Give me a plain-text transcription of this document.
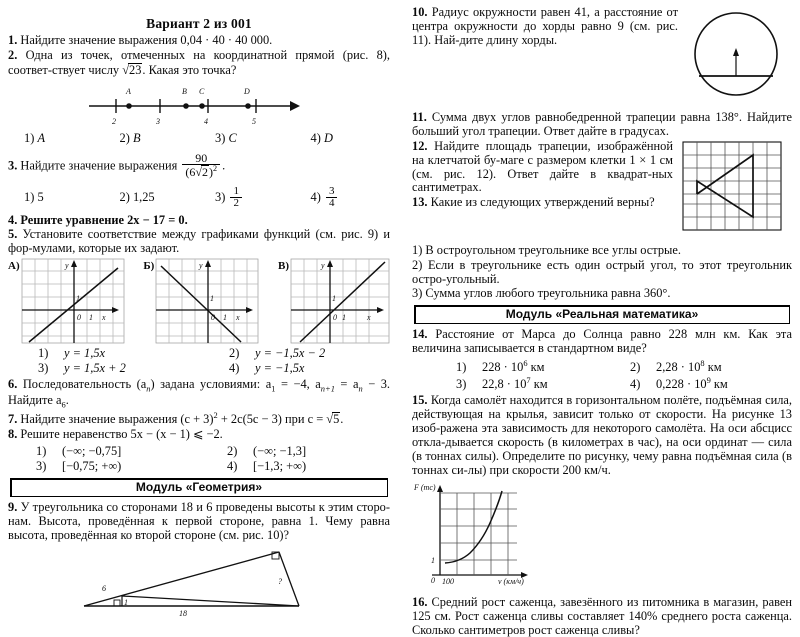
Вариант 2 из 001

1. Найдите значение выражения 0,04 · 40 · 40 000.

2. Одна из точек, отмеченных на координатной прямой (рис. 8), соответ-ствует числу √23. Какая это точка?

A	B C	D
2	3	4	5
1)
A	2)
B	3)
C	4)
D

3. Найдите значение выражения $\frac{90}{(6√2)^2}$ .

1)
5	2)
1,25	3)
$\frac{1}{2}$	4)
$\frac{3}{4}$

4. Решите уравнение 2x − 17 = 0.

5. Установите соответствие между графиками функций (см. рис. 9) и фор-мулами, которые их задают.

А)	y
0 1 x
1
Б)	y
0 1 x
1
В)	y
0 1	x
1
1) y = 1,5x	2) y = −1,5x − 2
3) y = 1,5x + 2	4) y = −1,5x

6. Последовательность $(a_n)$ задана условиями: $a_1 = -4$, $a_{n+1} = a_n - 3$. Найдите $a_6$.

7. Найдите значение выражения $(c + 3)^2 + 2c(5c - 3)$ при c = √5.

8. Решите неравенство 5x − (x − 1) ⩽ −2.

1) (−∞; −0,75]	2) (−∞; −1,3]
3) [−0,75; +∞)	4) [−1,3; +∞)
Модуль «Геометрия»

9. У треугольника со сторонами 18 и 6 проведены высоты к этим сторо-нам. Высота, проведённая к первой стороне, равна 1. Чему равна высота, проведённая ко второй стороне (см. рис. 10)?

6
18
1
?

10. Радиус окружности равен 41, а расстояние от центра окружности до хорды равно 9 (см. рис. 11). Най-дите длину хорды.

11. Сумма двух углов равнобедренной трапеции равна 138°. Найдите больший угол трапеции. Ответ дайте в градусах.

12. Найдите площадь трапеции, изображённой на клетчатой бу-маге с размером клетки 1 × 1 см (см. рис. 12). Ответ дайте в квадрат-ных сантиметрах.

13. Какие из следующих утверждений верны?

1) В остроугольном треугольнике все углы острые.

2) Если в треугольнике есть один острый угол, то этот треугольник остро-угольный.

3) Сумма углов любого треугольника равна 360°.

Модуль «Реальная математика»

14. Расстояние от Марса до Солнца равно 228 млн км. Как эта величина записывается в стандартном виде?

1) $228 \cdot 10^6$ км	2) $2,28 \cdot 10^8$ км
3) $22,8 \cdot 10^7$ км	4) $0,228 \cdot 10^9$ км

15. Когда самолёт находится в горизонтальном полёте, подъёмная сила, действующая на крылья, зависит только от скорости. На рисунке 13 изоб-ражена эта зависимость для некоторого самолёта. На оси абсцисс откла-дывается скорость (в километрах в час), на оси ординат — сила (в тоннах силы). Определите по рисунку, чему равна подъёмная сила (в тоннах си-лы) при скорости 200 км/ч.

F (тс)
1
0 100	v (км/ч)

16. Средний рост саженца, завезённого из питомника в магазин, равен 125 см. Рост саженца сливы составляет 140% среднего роста саженца. Сколько сантиметров рост саженца сливы?
